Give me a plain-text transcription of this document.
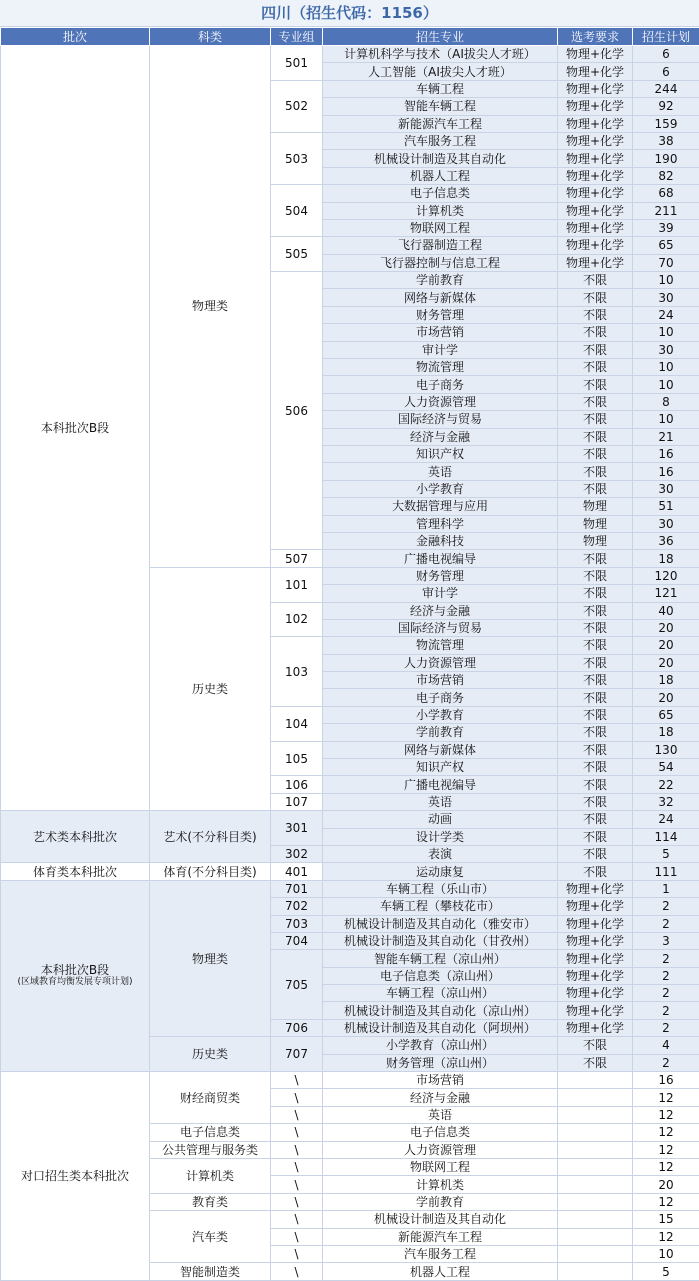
四川（招生代码：1156）
批次	科类	专业组	招生专业	选考要求	招生计划
本科批次B段	物理类	501	计算机科学与技术（AI拔尖人才班）	物理+化学	6
			人工智能（AI拔尖人才班）	物理+化学	6
		502	车辆工程	物理+化学	244
			智能车辆工程	物理+化学	92
			新能源汽车工程	物理+化学	159
		503	汽车服务工程	物理+化学	38
			机械设计制造及其自动化	物理+化学	190
			机器人工程	物理+化学	82
		504	电子信息类	物理+化学	68
			计算机类	物理+化学	211
			物联网工程	物理+化学	39
		505	飞行器制造工程	物理+化学	65
			飞行器控制与信息工程	物理+化学	70
		506	学前教育	不限	10
			网络与新媒体	不限	30
			财务管理	不限	24
			市场营销	不限	10
			审计学	不限	30
			物流管理	不限	10
			电子商务	不限	10
			人力资源管理	不限	8
			国际经济与贸易	不限	10
			经济与金融	不限	21
			知识产权	不限	16
			英语	不限	16
			小学教育	不限	30
			大数据管理与应用	物理	51
			管理科学	物理	30
			金融科技	物理	36
		507	广播电视编导	不限	18
	历史类	101	财务管理	不限	120
			审计学	不限	121
		102	经济与金融	不限	40
			国际经济与贸易	不限	20
		103	物流管理	不限	20
			人力资源管理	不限	20
			市场营销	不限	18
			电子商务	不限	20
		104	小学教育	不限	65
			学前教育	不限	18
		105	网络与新媒体	不限	130
			知识产权	不限	54
		106	广播电视编导	不限	22
		107	英语	不限	32
艺术类本科批次	艺术(不分科目类)	301	动画	不限	24
			设计学类	不限	114
		302	表演	不限	5
体育类本科批次	体育(不分科目类)	401	运动康复	不限	111

本科批次B段
(区域教育均衡发展专项计划)	物理类	701	车辆工程（乐山市）	物理+化学	1
		702	车辆工程（攀枝花市）	物理+化学	2
		703	机械设计制造及其自动化（雅安市）	物理+化学	2
		704	机械设计制造及其自动化（甘孜州）	物理+化学	3
		705	智能车辆工程（凉山州）	物理+化学	2
			电子信息类（凉山州）	物理+化学	2
			车辆工程（凉山州）	物理+化学	2
			机械设计制造及其自动化（凉山州）	物理+化学	2
		706	机械设计制造及其自动化（阿坝州）	物理+化学	2
	历史类	707	小学教育（凉山州）	不限	4
			财务管理（凉山州）	不限	2
对口招生类本科批次	财经商贸类	\	市场营销		16
		\	经济与金融		12
		\	英语		12
	电子信息类	\	电子信息类		12
	公共管理与服务类	\	人力资源管理		12
	计算机类	\	物联网工程		12
		\	计算机类		20
	教育类	\	学前教育		12
	汽车类	\	机械设计制造及其自动化		15
		\	新能源汽车工程		12
		\	汽车服务工程		10
	智能制造类	\	机器人工程		5
